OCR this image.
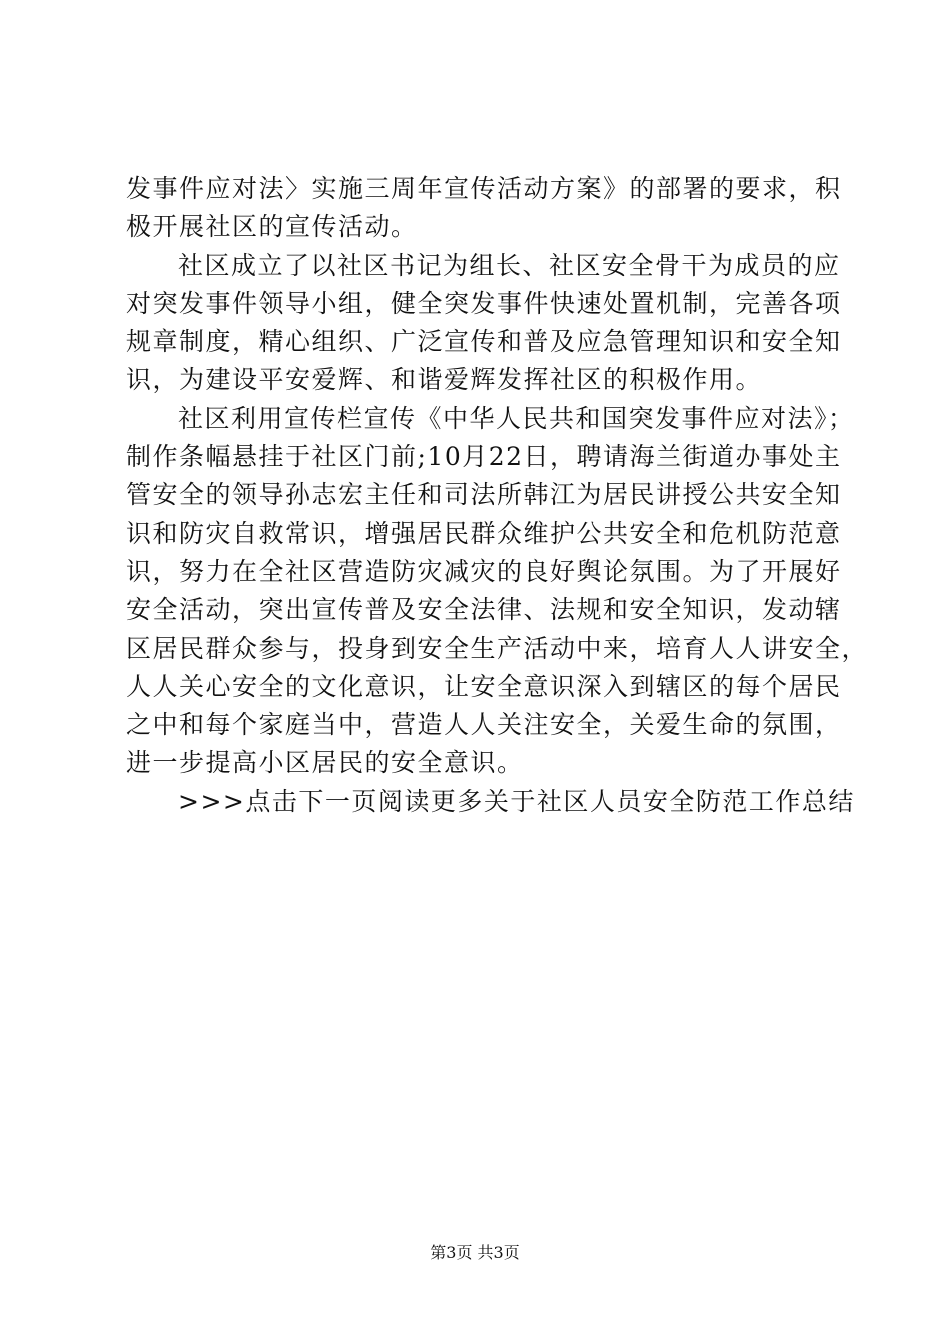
发事件应对法〉实施三周年宣传活动方案》的部署的要求，积
极开展社区的宣传活动。

社区成立了以社区书记为组长、社区安全骨干为成员的应
对突发事件领导小组，健全突发事件快速处置机制，完善各项
规章制度，精心组织、广泛宣传和普及应急管理知识和安全知
识，为建设平安爱辉、和谐爱辉发挥社区的积极作用。

社区利用宣传栏宣传《中华人民共和国突发事件应对法》；
制作条幅悬挂于社区门前;10月22日，聘请海兰街道办事处主
管安全的领导孙志宏主任和司法所韩江为居民讲授公共安全知
识和防灾自救常识，增强居民群众维护公共安全和危机防范意
识，努力在全社区营造防灾减灾的良好舆论氛围。为了开展好
安全活动，突出宣传普及安全法律、法规和安全知识，发动辖
区居民群众参与，投身到安全生产活动中来，培育人人讲安全，
人人关心安全的文化意识，让安全意识深入到辖区的每个居民
之中和每个家庭当中，营造人人关注安全，关爱生命的氛围，
进一步提高小区居民的安全意识。

>>>点击下一页阅读更多关于社区人员安全防范工作总结

第3页 共3页
